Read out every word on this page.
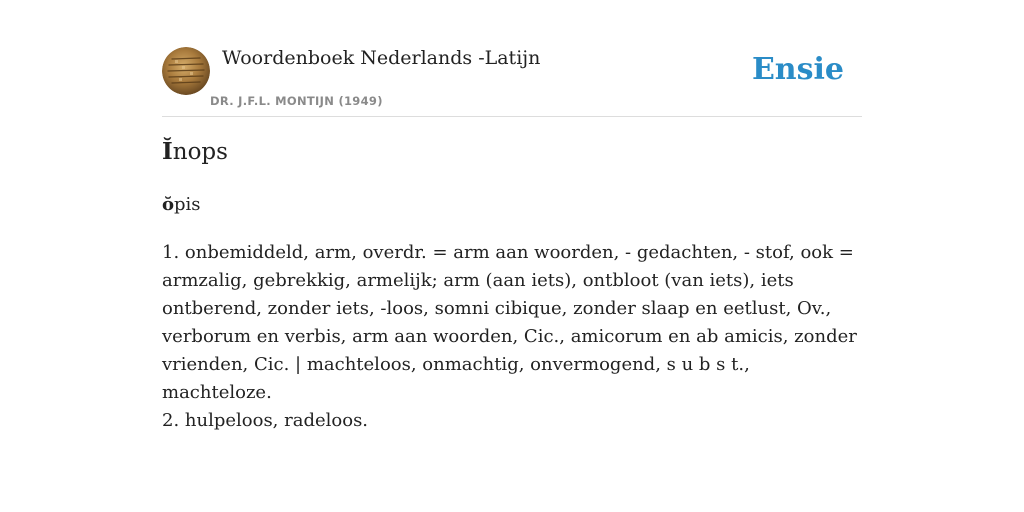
Woordenboek Nederlands -Latijn
DR. J.F.L. MONTIJN (1949)
Ensie
Ĭnops
ŏpis

1. onbemiddeld, arm, overdr. = arm aan woorden, - gedachten, - stof, ook = armzalig, gebrekkig, armelijk; arm (aan iets), ontbloot (van iets), iets ontberend, zonder iets, -loos, somni cibique, zonder slaap en eetlust, Ov., verborum en verbis, arm aan woorden, Cic., amicorum en ab amicis, zonder vrienden, Cic. | machteloos, onmachtig, onvermogend, s u b s t., machteloze.

2. hulpeloos, radeloos.
